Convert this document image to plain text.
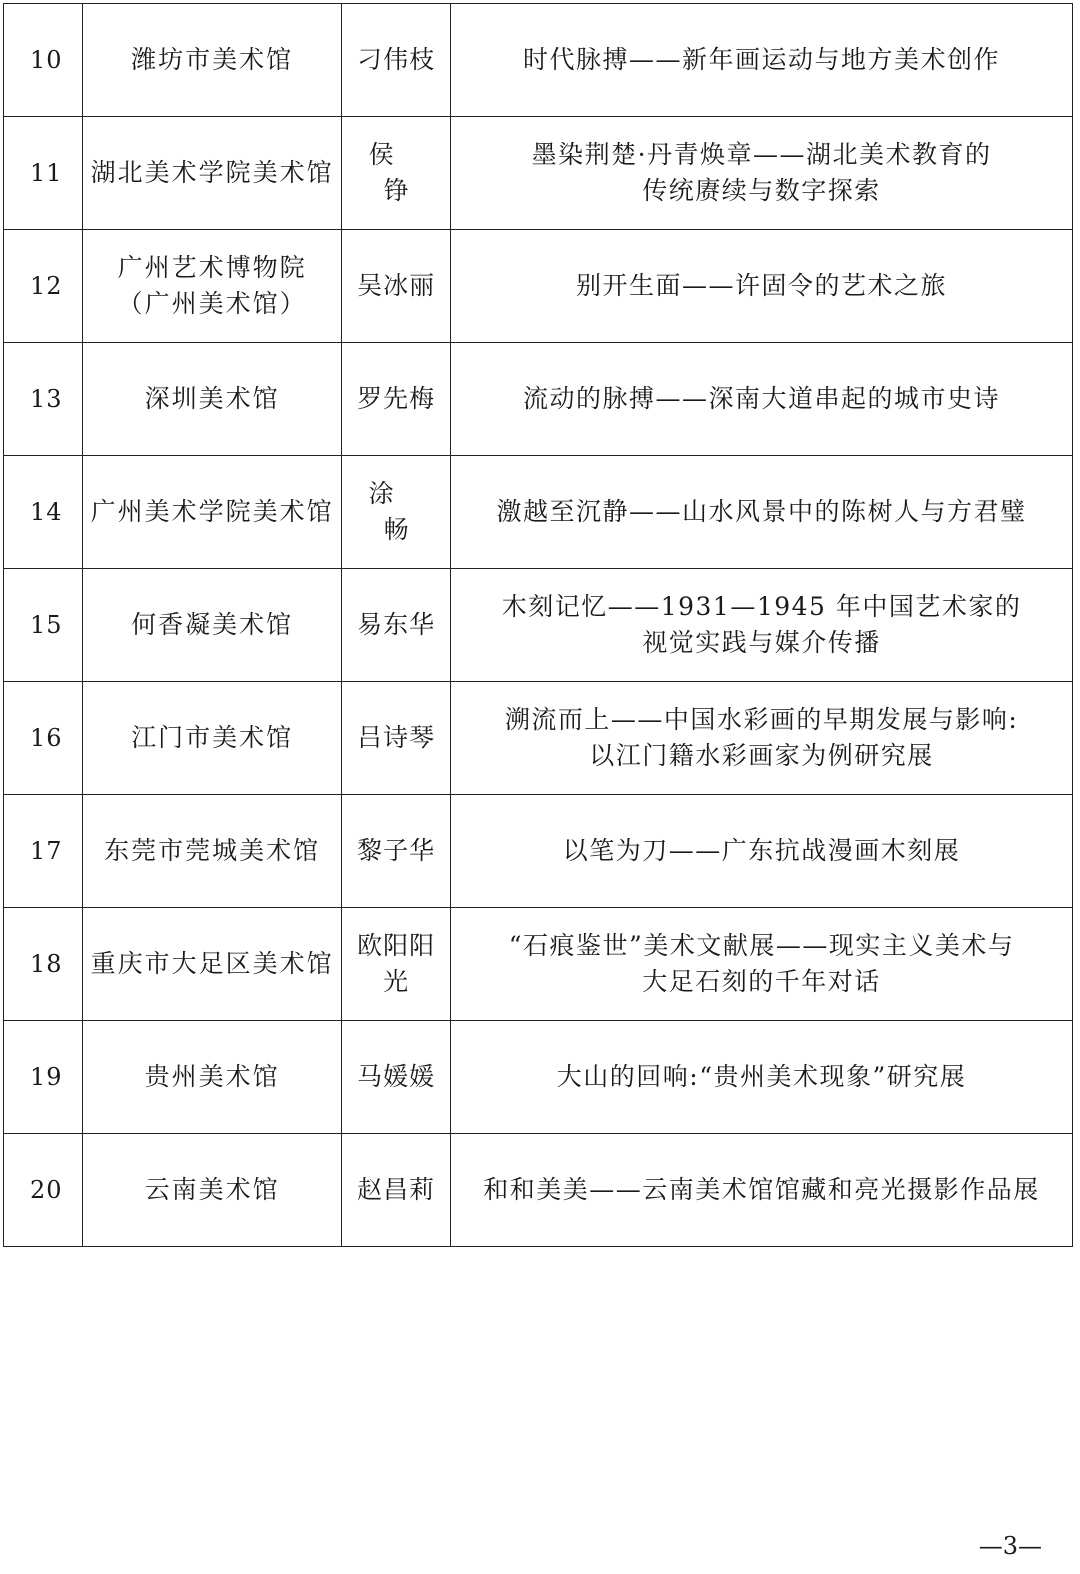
10	潍坊市美术馆	刁伟枝	时代脉搏——新年画运动与地方美术创作

11	湖北美术学院美术馆	侯铮	墨染荆楚·丹青焕章——湖北美术教育的
传统赓续与数字探索

12	广州艺术博物院
（广州美术馆）	吴冰丽	别开生面——许固令的艺术之旅

13	深圳美术馆	罗先梅	流动的脉搏——深南大道串起的城市史诗

14	广州美术学院美术馆	涂畅	激越至沉静——山水风景中的陈树人与方君璧

15	何香凝美术馆	易东华	木刻记忆——1931—1945 年中国艺术家的
视觉实践与媒介传播

16	江门市美术馆	吕诗琴	溯流而上——中国水彩画的早期发展与影响:
以江门籍水彩画家为例研究展

17	东莞市莞城美术馆	黎子华	以笔为刀——广东抗战漫画木刻展

18	重庆市大足区美术馆	欧阳阳光	“石痕鉴世”美术文献展——现实主义美术与
大足石刻的千年对话

19	贵州美术馆	马媛媛	大山的回响:“贵州美术现象”研究展

20	云南美术馆	赵昌莉	和和美美——云南美术馆馆藏和亮光摄影作品展
—3—
